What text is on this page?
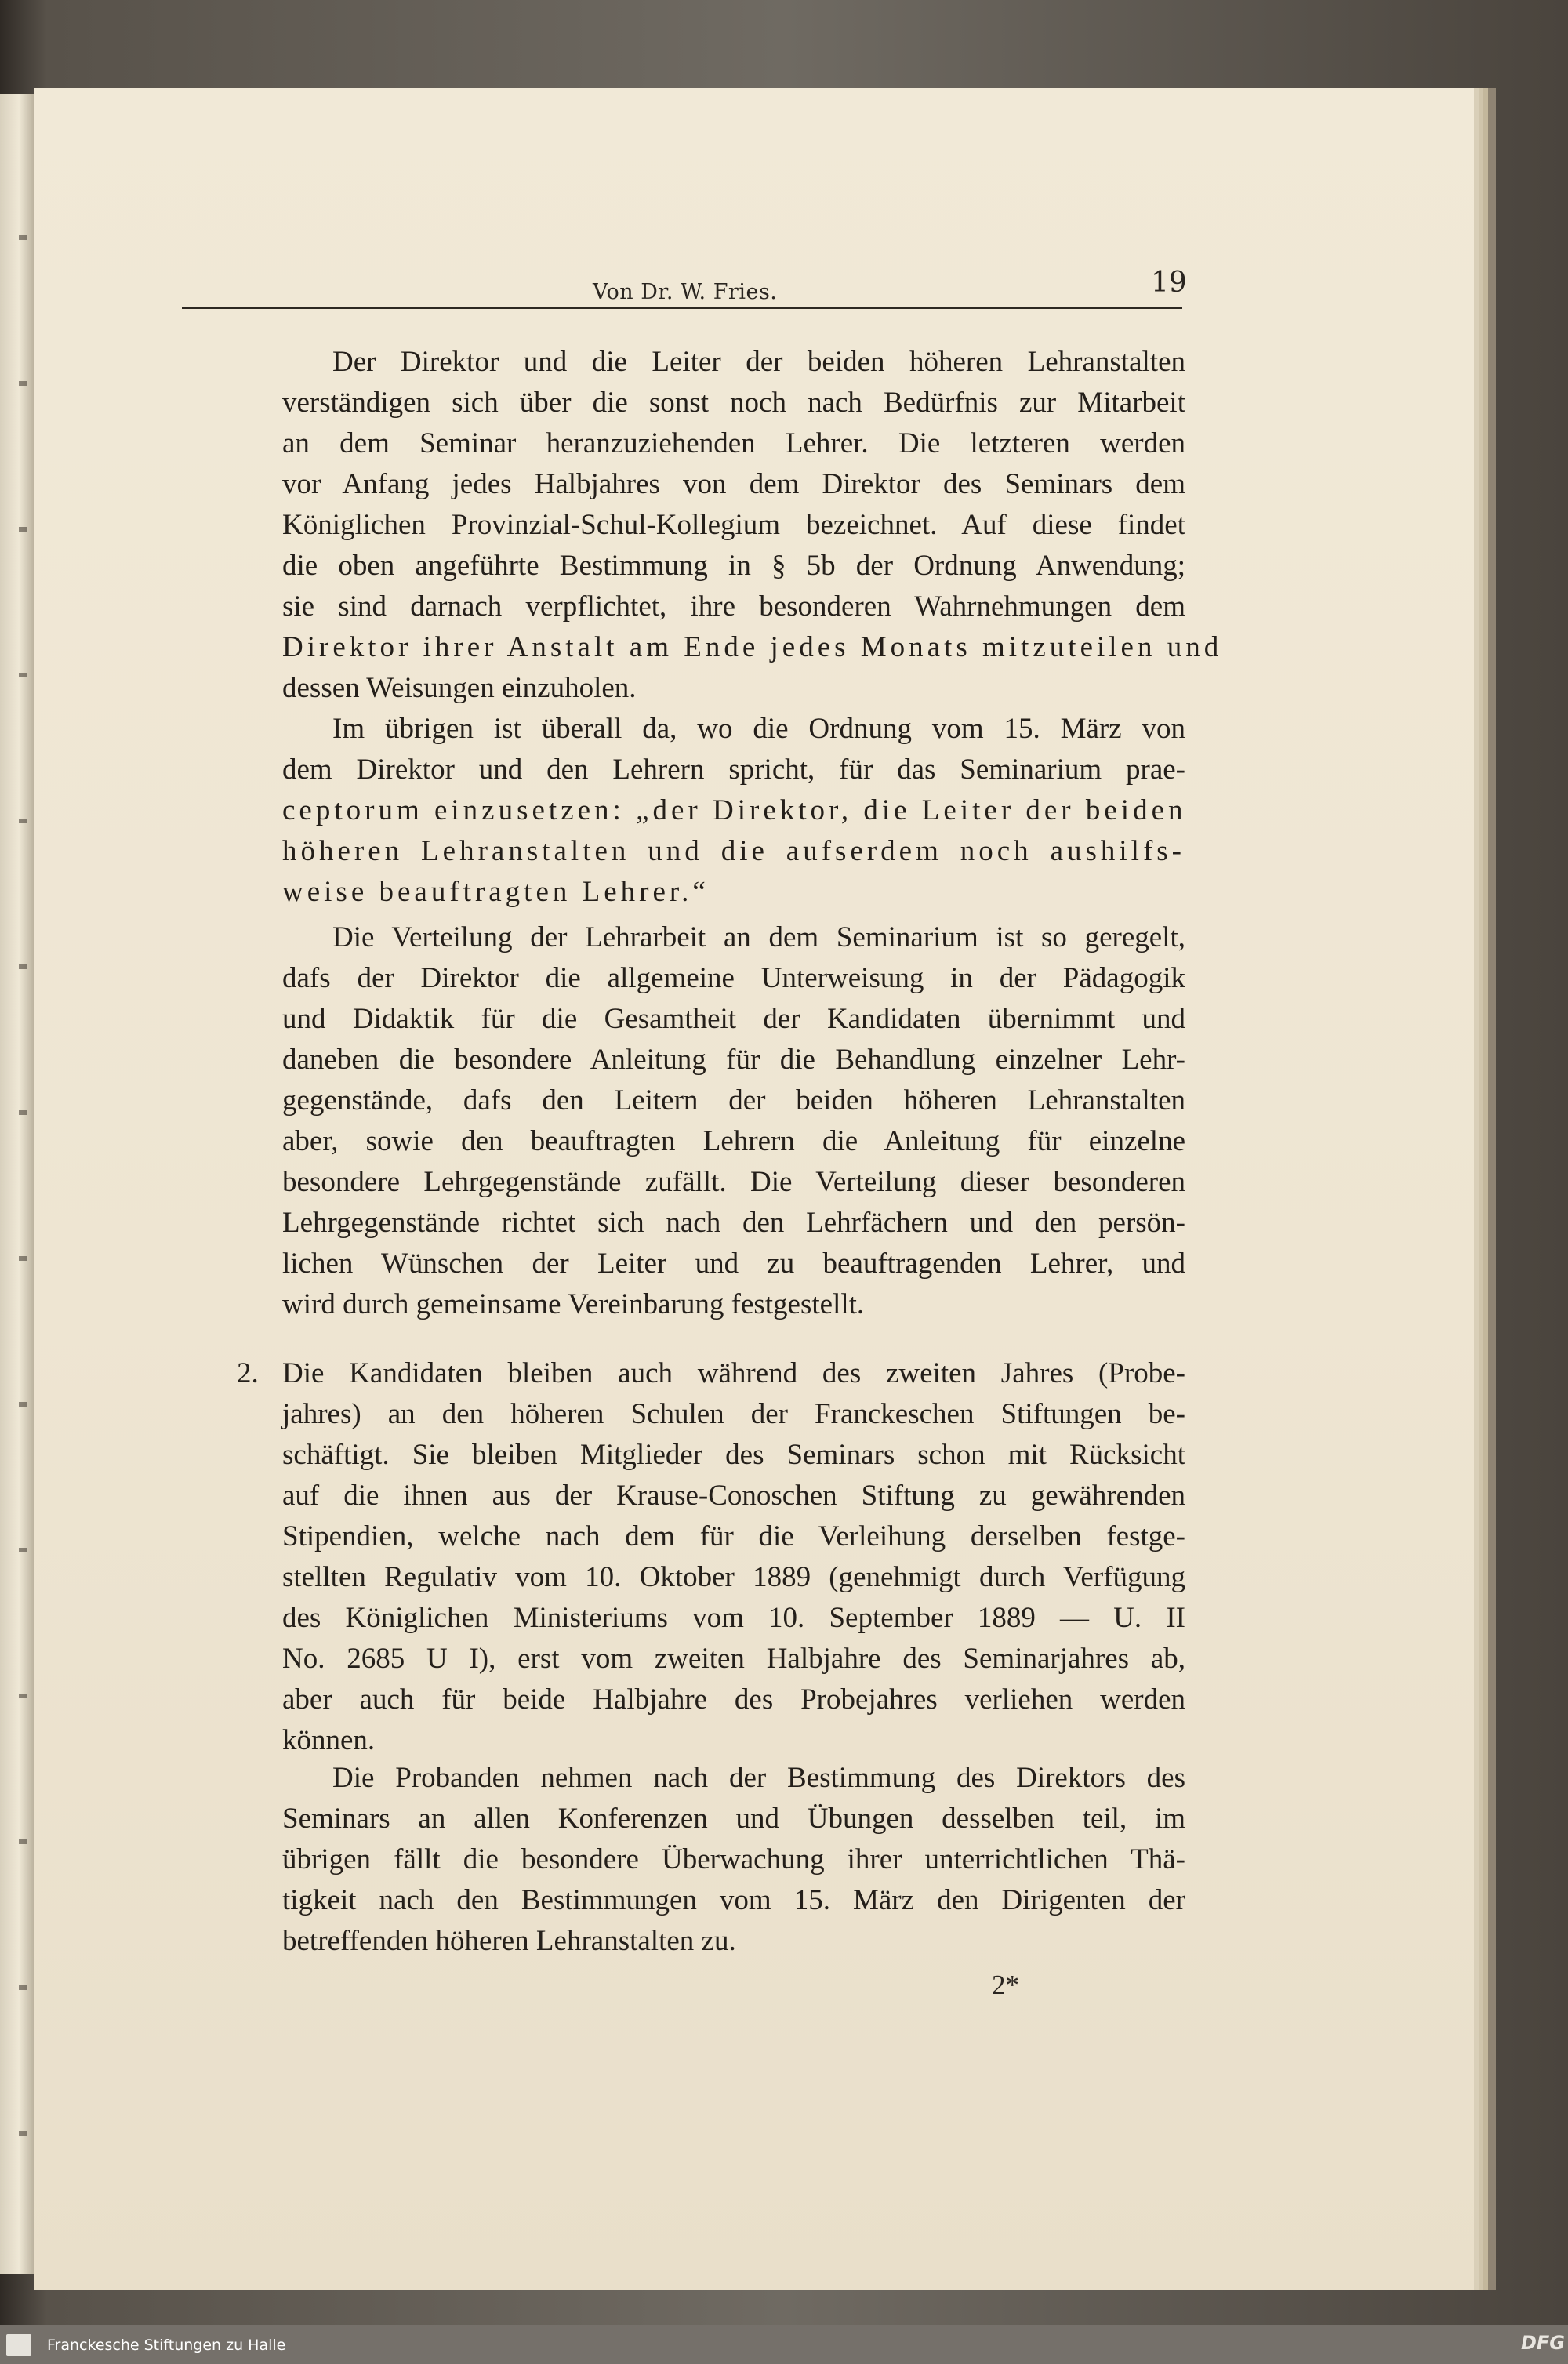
Von Dr. W. Fries.	19
Der Direktor und die Leiter der beiden höheren Lehranstalten
verständigen sich über die sonst noch nach Bedürfnis zur Mitarbeit
an dem Seminar heranzuziehenden Lehrer. Die letzteren werden
vor Anfang jedes Halbjahres von dem Direktor des Seminars dem
Königlichen Provinzial-Schul-Kollegium bezeichnet. Auf diese findet
die oben angeführte Bestimmung in § 5b der Ordnung Anwendung;
sie sind darnach verpflichtet, ihre besonderen Wahrnehmungen dem
Direktor ihrer Anstalt am Ende jedes Monats mitzuteilen und
dessen Weisungen einzuholen.
Im übrigen ist überall da, wo die Ordnung vom 15. März von
dem Direktor und den Lehrern spricht, für das Seminarium prae-
ceptorum einzusetzen: „der Direktor, die Leiter der beiden
höheren Lehranstalten und die aufserdem noch aushilfs-
weise beauftragten Lehrer.“
Die Verteilung der Lehrarbeit an dem Seminarium ist so geregelt,
dafs der Direktor die allgemeine Unterweisung in der Pädagogik
und Didaktik für die Gesamtheit der Kandidaten übernimmt und
daneben die besondere Anleitung für die Behandlung einzelner Lehr-
gegenstände, dafs den Leitern der beiden höheren Lehranstalten
aber, sowie den beauftragten Lehrern die Anleitung für einzelne
besondere Lehrgegenstände zufällt. Die Verteilung dieser besonderen
Lehrgegenstände richtet sich nach den Lehrfächern und den persön-
lichen Wünschen der Leiter und zu beauftragenden Lehrer, und
wird durch gemeinsame Vereinbarung festgestellt.
2. Die Kandidaten bleiben auch während des zweiten Jahres (Probe-
jahres) an den höheren Schulen der Franckeschen Stiftungen be-
schäftigt. Sie bleiben Mitglieder des Seminars schon mit Rücksicht
auf die ihnen aus der Krause-Conoschen Stiftung zu gewährenden
Stipendien, welche nach dem für die Verleihung derselben festge-
stellten Regulativ vom 10. Oktober 1889 (genehmigt durch Verfügung
des Königlichen Ministeriums vom 10. September 1889 — U. II
No. 2685 U I), erst vom zweiten Halbjahre des Seminarjahres ab,
aber auch für beide Halbjahre des Probejahres verliehen werden
können.
Die Probanden nehmen nach der Bestimmung des Direktors des
Seminars an allen Konferenzen und Übungen desselben teil, im
übrigen fällt die besondere Überwachung ihrer unterrichtlichen Thä-
tigkeit nach den Bestimmungen vom 15. März den Dirigenten der
betreffenden höheren Lehranstalten zu.
2*
Franckesche Stiftungen zu Halle	DFG
